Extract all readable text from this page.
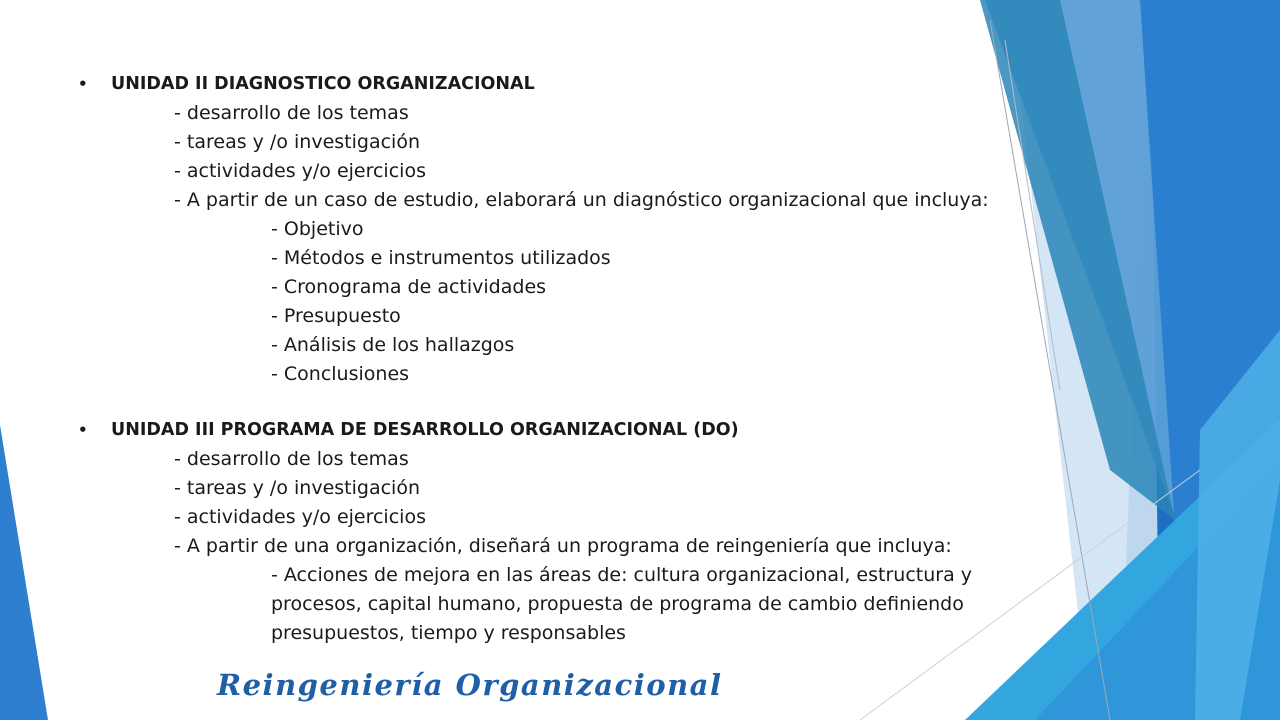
• UNIDAD II DIAGNOSTICO ORGANIZACIONAL
- desarrollo de los temas
- tareas y /o investigación
- actividades y/o ejercicios
- A partir de un caso de estudio, elaborará un diagnóstico organizacional que incluya:
- Objetivo
- Métodos e instrumentos utilizados
- Cronograma de actividades
- Presupuesto
- Análisis de los hallazgos
- Conclusiones
• UNIDAD III PROGRAMA DE DESARROLLO ORGANIZACIONAL (DO)
- desarrollo de los temas
- tareas y /o investigación
- actividades y/o ejercicios
- A partir de una organización, diseñará un programa de reingeniería que incluya:
- Acciones de mejora en las áreas de: cultura organizacional, estructura y
procesos, capital humano, propuesta de programa de cambio definiendo
presupuestos, tiempo y responsables
Reingeniería Organizacional
